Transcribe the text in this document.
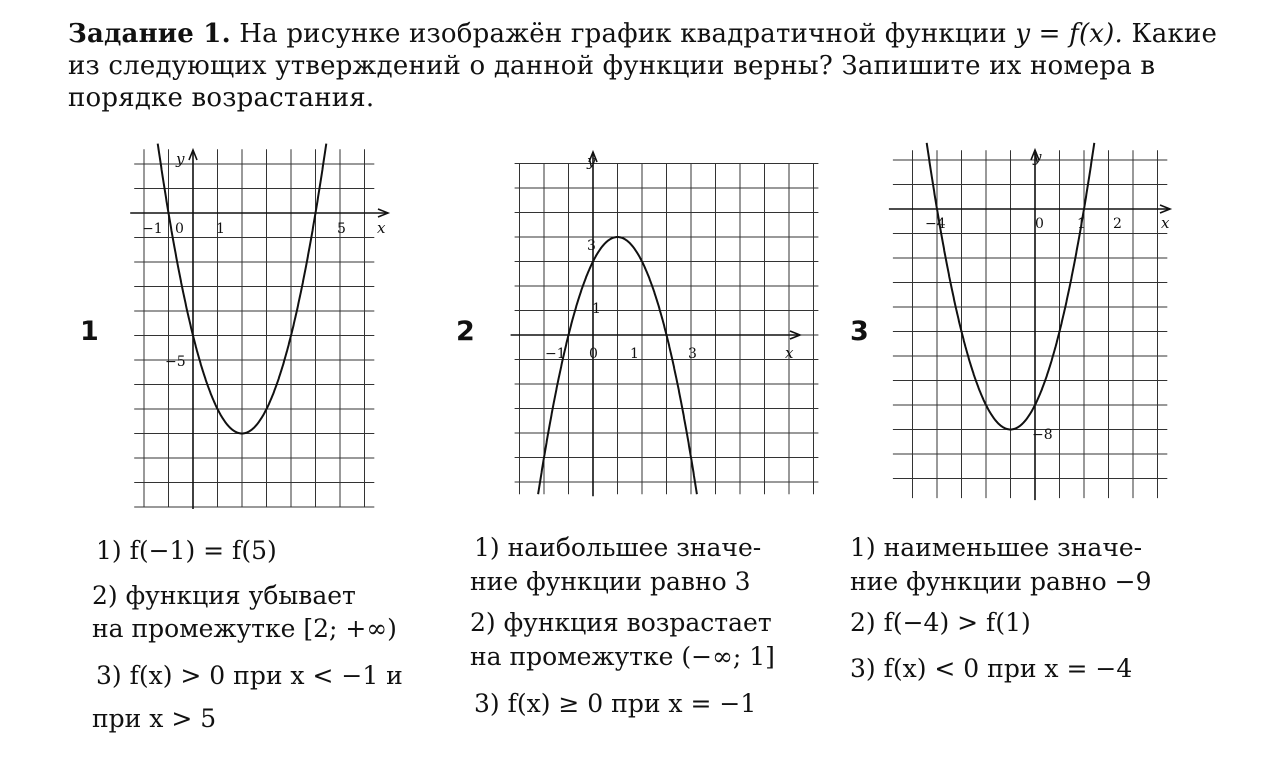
Задание 1. На рисунке изображён график квадратичной функции y = f(x). Какие из следующих утверждений о данной функции верны? Запишите их номера в порядке возрастания.
1	2	3
y
x
−1 0 1	5
−5
y
x
3
1
−1 0 1	3
y
x
−4	0 1 2
−8
1) f(−1) = f(5)
2) функция убывает
на промежутке [2; +∞)
3) f(x) > 0 при x < −1 и
при x > 5
1) наибольшее значе-
ние функции равно 3
2) функция возрастает
на промежутке (−∞; 1]
3) f(x) ≥ 0 при x = −1
1) наименьшее значе-
ние функции равно −9
2) f(−4) > f(1)
3) f(x) < 0 при x = −4
